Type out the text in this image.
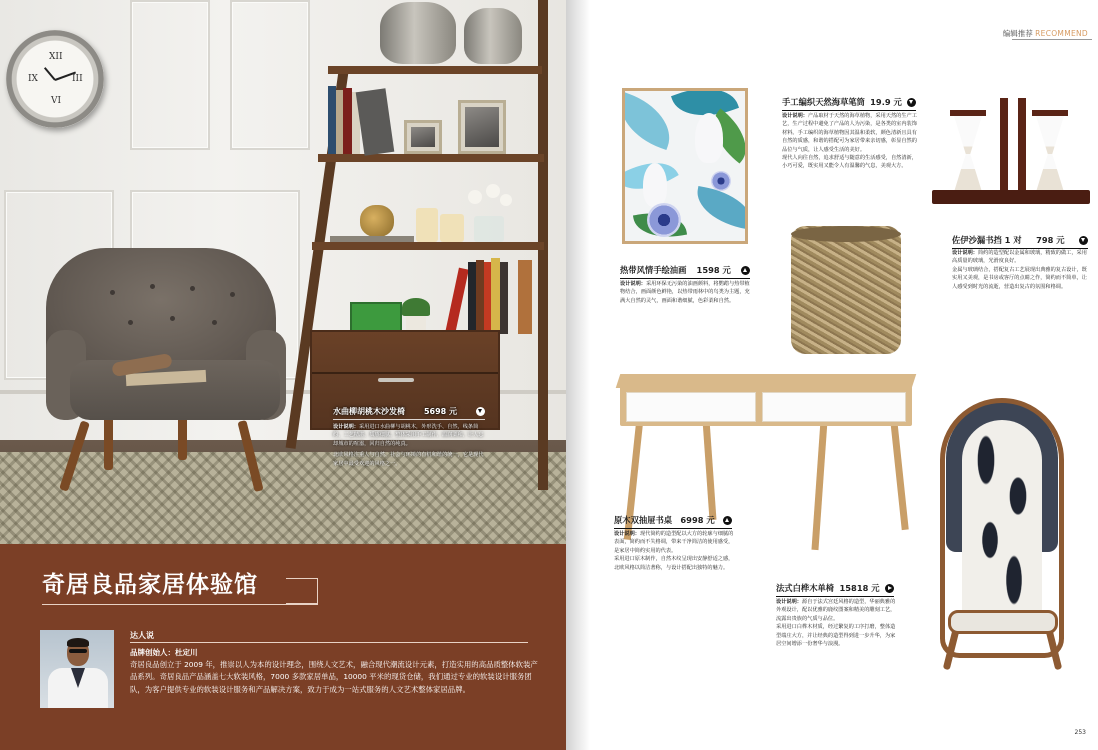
XII
III
VI
IX
水曲柳胡桃木沙发椅 5698 元

设计说明：采用进口水曲柳与胡桃木，外形洗手、自然，线条简约，工艺精湛，质感细腻。整体采用手工制作，温润柔和，让人忘却城市的喧嚣，回归自然的纯真。

北欧风格注重人与自然、社会与环境的有机和谐的统一，它是现代家居中最受欢迎的风格之一。

奇居良品家居体验馆
达人说
品牌创始人：杜定川
奇居良品创立于 2009 年，推崇以人为本的设计理念，围绕人文艺术，融合现代潮流设计元素，打造实用的高品质整体软装产品系列。奇居良品产品涵盖七大软装风格，7000 多款家居单品，10000 平米的现货仓储，我们通过专业的软装设计服务团队，为客户提供专业的软装设计服务和产品解决方案，致力于成为一站式服务的人文艺术整体家居品牌。
编辑推荐 RECOMMEND
手工编织天然海草笔筒 19.9 元
设计说明：产品取材于天然的海草植物，采用天然的生产工艺，生产过程中避免了产品的人为污染，是各类的室内装饰材料。手工编织的海草植物因其温和柔软，颜色清新且具有自然的质感，和谐的搭配可为家居带来亲切感，彰显自然的品位与气质，让人感受生活的美好。
现代人向往自然，追求舒适与随意的生活感受，自然清新，小巧可爱，既实用又能令人有温馨的气息，美观大方。
佐伊沙漏书挡 1 对 798 元
设计说明：简约的造型配以金属和玻璃，精致的做工，采用高质量的玻璃，光滑度良好。
金属与玻璃结合，搭配复古工艺展现出典雅的复古设计，既实用又美观，是书房或客厅的点睛之作，简约而不简单，让人感受到时光的流逝，营造出复古的氛围和格调。
热带风情手绘油画 1598 元
设计说明：采用环保无污染的油画颜料，将鹦鹉与热带植物结合，画面颜色鲜艳，以热带雨林中的鸟类为主题，充满大自然的灵气，画面和谐细腻，色彩柔和自然。
原木双抽屉书桌 6998 元
设计说明：现代简约的造型配以大方的轮廓与细腻的表面，简约而不失格调，带来干净简洁的使用感受，是家居中简约实用的代表。
采用进口原木制作，自然木纹呈现出安静舒适之感，北欧风格以简洁著称，与设计搭配出独特的魅力。
法式白桦木单椅 15818 元
设计说明：源自于法式宫廷风格的造型，华丽典雅的外观设计，配以优雅的鹿纹图案和精美的雕刻工艺，流露出贵族的气质与品位。
采用进口白桦木材质，经过繁复的工序打磨，整体造型端庄大方，并让经典的造型得到进一步升华，为家居空间增添一份奢华与浪漫。
253
